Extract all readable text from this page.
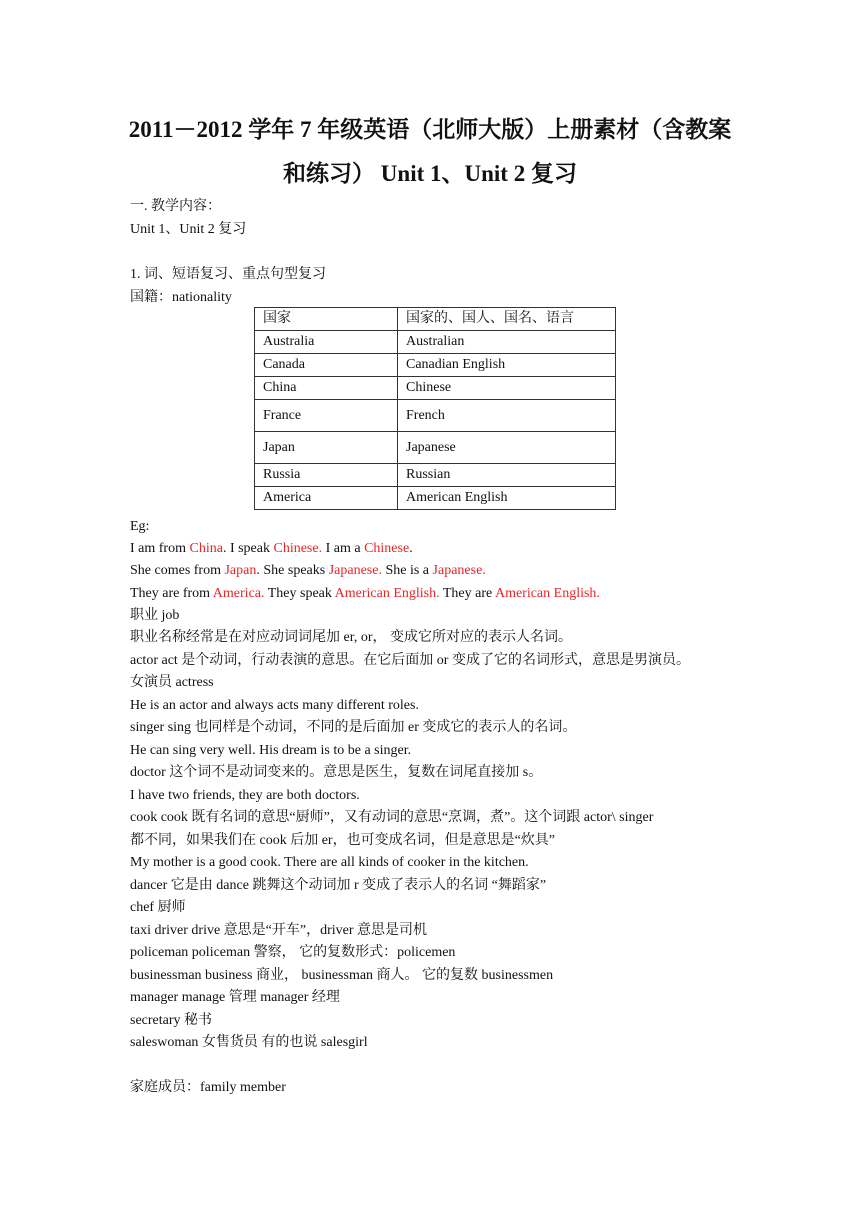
2011－2012 学年 7 年级英语（北师大版）上册素材（含教案
和练习） Unit 1、Unit 2 复习
一. 教学内容：
Unit 1、Unit 2 复习
1. 词、短语复习、重点句型复习
国籍：nationality
国家	国家的、国人、国名、语言
Australia	Australian
Canada	Canadian English
China	Chinese
France	French
Japan	Japanese
Russia	Russian
America	American English
Eg:
I am from China. I speak Chinese. I am a Chinese.
She comes from Japan. She speaks Japanese. She is a Japanese.
They are from America. They speak American English. They are American English.
职业 job
职业名称经常是在对应动词词尾加 er, or， 变成它所对应的表示人名词。
actor act 是个动词，行动表演的意思。在它后面加 or 变成了它的名词形式，意思是男演员。
女演员 actress
He is an actor and always acts many different roles.
singer sing 也同样是个动词，不同的是后面加 er 变成它的表示人的名词。
He can sing very well. His dream is to be a singer.
doctor 这个词不是动词变来的。意思是医生，复数在词尾直接加 s。
I have two friends, they are both doctors.
cook cook 既有名词的意思“厨师”，又有动词的意思“烹调，煮”。这个词跟 actor\ singer
都不同，如果我们在 cook 后加 er，也可变成名词，但是意思是“炊具”
My mother is a good cook. There are all kinds of cooker in the kitchen.
dancer 它是由 dance 跳舞这个动词加 r 变成了表示人的名词 “舞蹈家”
chef 厨师
taxi driver drive 意思是“开车”，driver 意思是司机
policeman policeman 警察， 它的复数形式：policemen
businessman business 商业， businessman 商人。 它的复数 businessmen
manager manage 管理 manager 经理
secretary 秘书
saleswoman 女售货员 有的也说 salesgirl
家庭成员：family member
